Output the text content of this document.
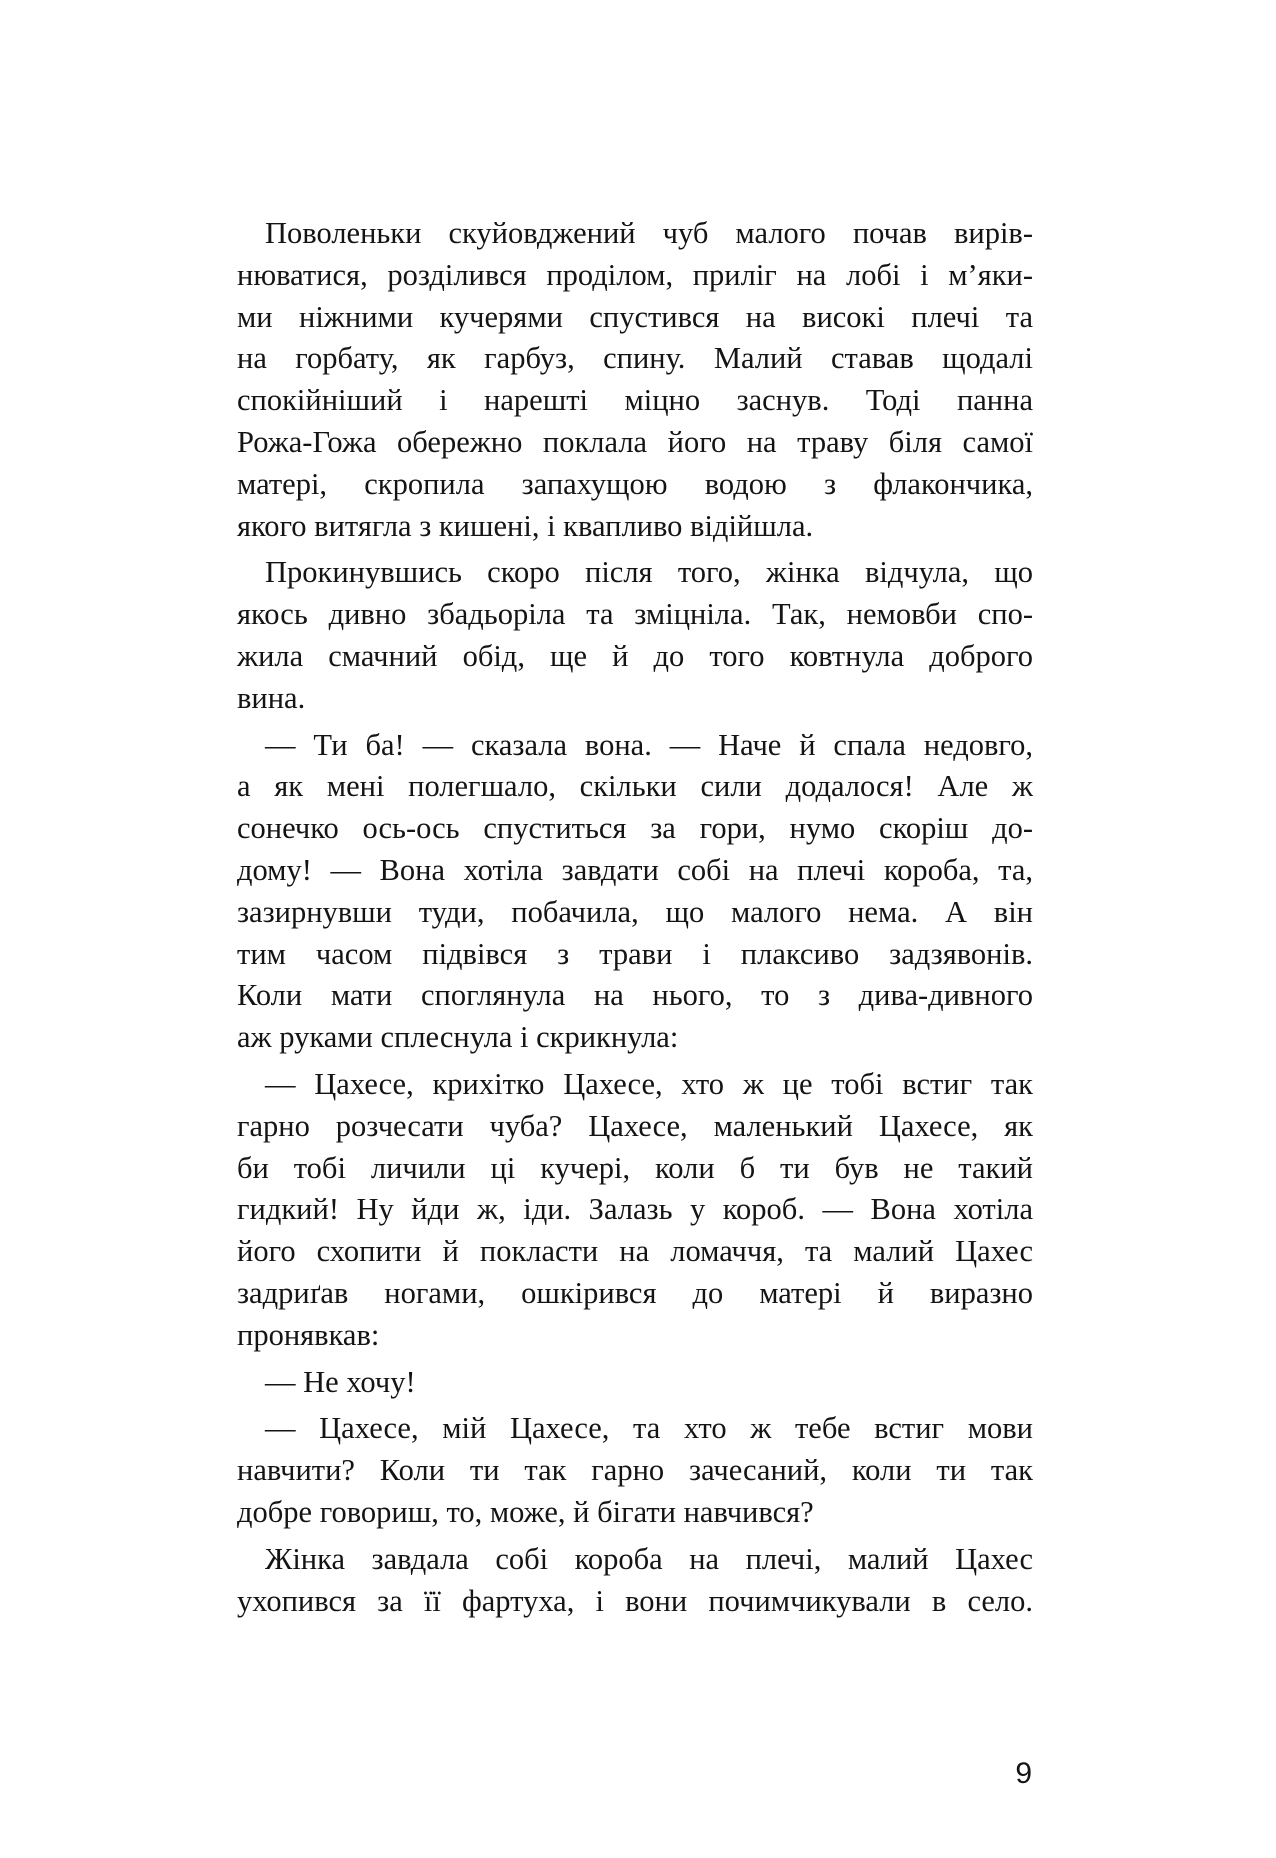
Поволеньки скуйовджений чуб малого почав вирів-
нюватися, розділився проділом, приліг на лобі і м’яки-
ми ніжними кучерями спустився на високі плечі та
на горбату, як гарбуз, спину. Малий ставав щодалі
спокійніший і нарешті міцно заснув. Тоді панна
Рожа-Гожа обережно поклала його на траву біля самої
матері, скропила запахущою водою з флакончика,
якого витягла з кишені, і квапливо відійшла.
Прокинувшись скоро після того, жінка відчула, що
якось дивно збадьоріла та зміцніла. Так, немовби спо-
жила смачний обід, ще й до того ковтнула доброго
вина.
— Ти ба! — сказала вона. — Наче й спала недовго,
а як мені полегшало, скільки сили додалося! Але ж
сонечко ось-ось спуститься за гори, нумо скоріш до-
дому! — Вона хотіла завдати собі на плечі короба, та,
зазирнувши туди, побачила, що малого нема. А він
тим часом підвівся з трави і плаксиво задзявонів.
Коли мати споглянула на нього, то з дива-дивного
аж руками сплеснула і скрикнула:
— Цахесе, крихітко Цахесе, хто ж це тобі встиг так
гарно розчесати чуба? Цахесе, маленький Цахесе, як
би тобі личили ці кучері, коли б ти був не такий
гидкий! Ну йди ж, іди. Залазь у короб. — Вона хотіла
його схопити й покласти на ломаччя, та малий Цахес
задриґав ногами, ошкірився до матері й виразно
пронявкав:
— Не хочу!
— Цахесе, мій Цахесе, та хто ж тебе встиг мови
навчити? Коли ти так гарно зачесаний, коли ти так
добре говориш, то, може, й бігати навчився?
Жінка завдала собі короба на плечі, малий Цахес
ухопився за її фартуха, і вони почимчикували в село.
9
